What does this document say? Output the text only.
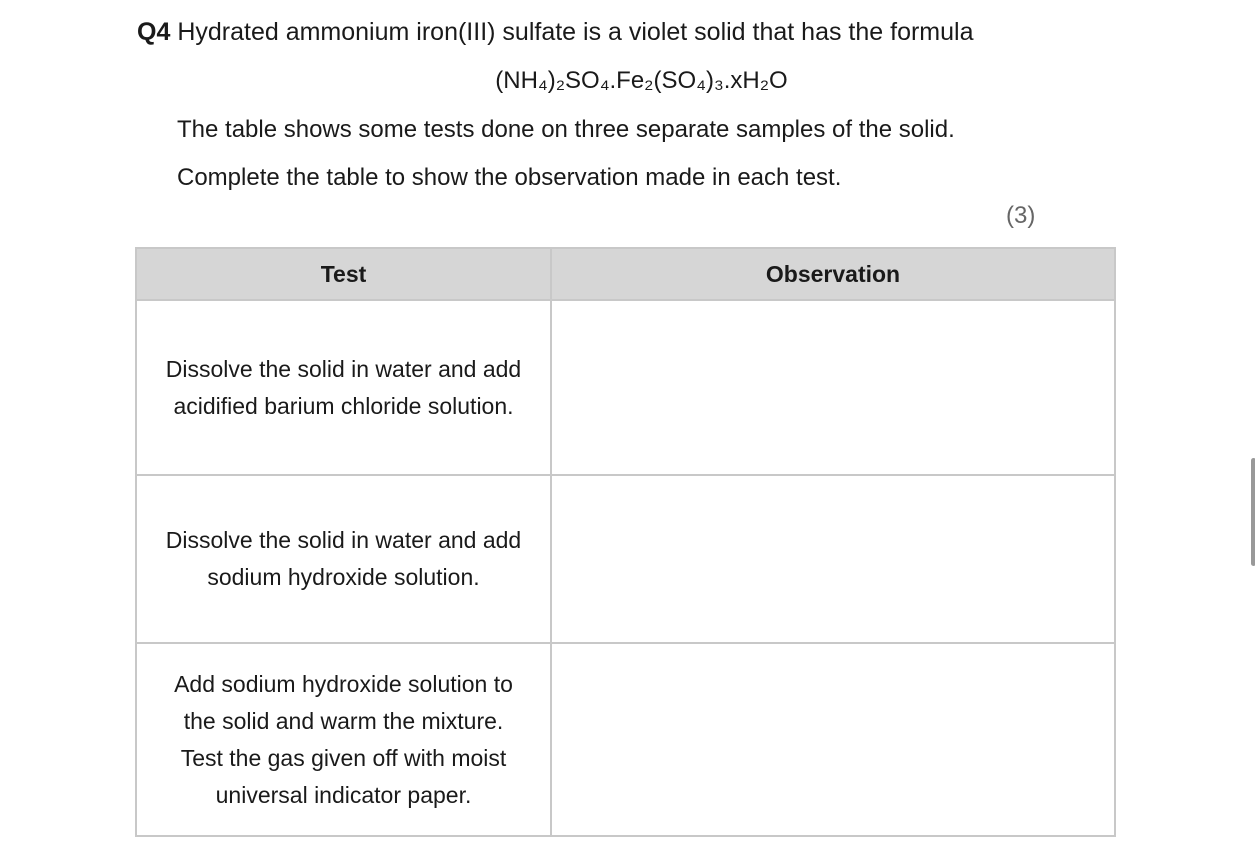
Q4 Hydrated ammonium iron(III) sulfate is a violet solid that has the formula
(NH₄)₂SO₄.Fe₂(SO₄)₃.xH₂O
The table shows some tests done on three separate samples of the solid.
Complete the table to show the observation made in each test.
(3)
Test	Observation
Dissolve the solid in water and add
acidified barium chloride solution.	
Dissolve the solid in water and add
sodium hydroxide solution.	
Add sodium hydroxide solution to
the solid and warm the mixture.
Test the gas given off with moist
universal indicator paper.	
